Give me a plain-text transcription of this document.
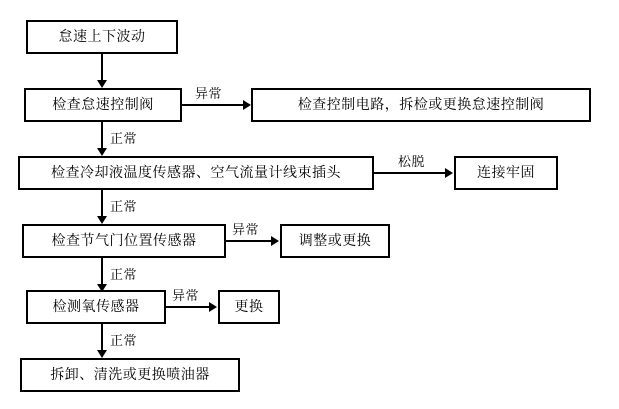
怠速上下波动
检查怠速控制阀
异常
检查控制电路，拆检或更换怠速控制阀
正常
检查冷却液温度传感器、空气流量计线束插头
松脱
连接牢固
正常
检查节气门位置传感器
异常
调整或更换
正常
检测氧传感器
异常
更换
正常
拆卸、清洗或更换喷油器
